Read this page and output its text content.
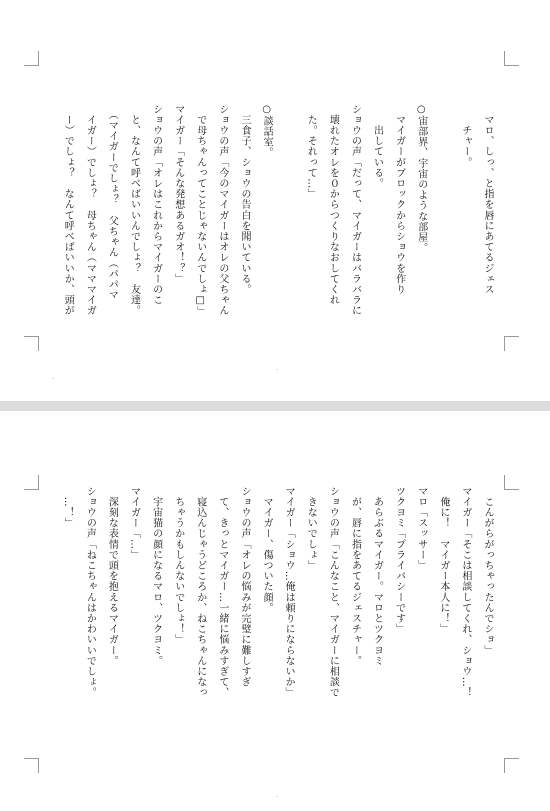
　マロ、しっ、と指を唇にあてるジェス

　　チャー。

○宙部界、宇宙のような部屋。

　マイガーがブロックからショウを作り

　　出している。

ショウの声「だって、マイガーはバラバラに

　壊れたオレを０からつくりなおしてくれ

　た。それって…」

○談話室。

　三食子、ショウの告白を聞いている。

ショウの声「今のマイガーはオレの父ちゃん

　で母ちゃんってことじゃないんでしょ□」

マイガー「そんな発想あるガオ！？」

ショウの声「オレはこれからマイガーのこ

　と、なんて呼べばいいんでしょ？　友達。

　（マイガーでしょ？　父ちゃん（パパマ

　イガー）でしょ？　母ちゃん（マママイガ

　ー）でしょ？　なんて呼べばいいか、頭が

·
·

　こんがらがっちゃったんでショ」

マイガー「そこは相談してくれ、ショウ…！

　俺に！　マイガー本人に！」

マロ「スッサー」

ツクヨミ「プライバシーです」

　あらぶるマイガー。マロとツクヨミ

　が、唇に指をあてるジェスチャー。

ショウの声「こんなこと、マイガーに相談で

　きないでしょ」

マイガー「ショウ…俺は頼りにならないか」

　マイガー、傷ついた顔。

ショウの声「オレの悩みが完璧に難しすぎ

　て、きっとマイガー…一緒に悩みすぎて、

　寝込んじゃうどころか、ねこちゃんになっ

　ちゃうかもしんないでしょ！」

　宇宙猫の顔になるマロ、ツクヨミ。

マイガー「…」

　深刻な表情で頭を抱えるマイガー。

ショウの声「ねこちゃんはかわいいでしょ。

　…！」

·
